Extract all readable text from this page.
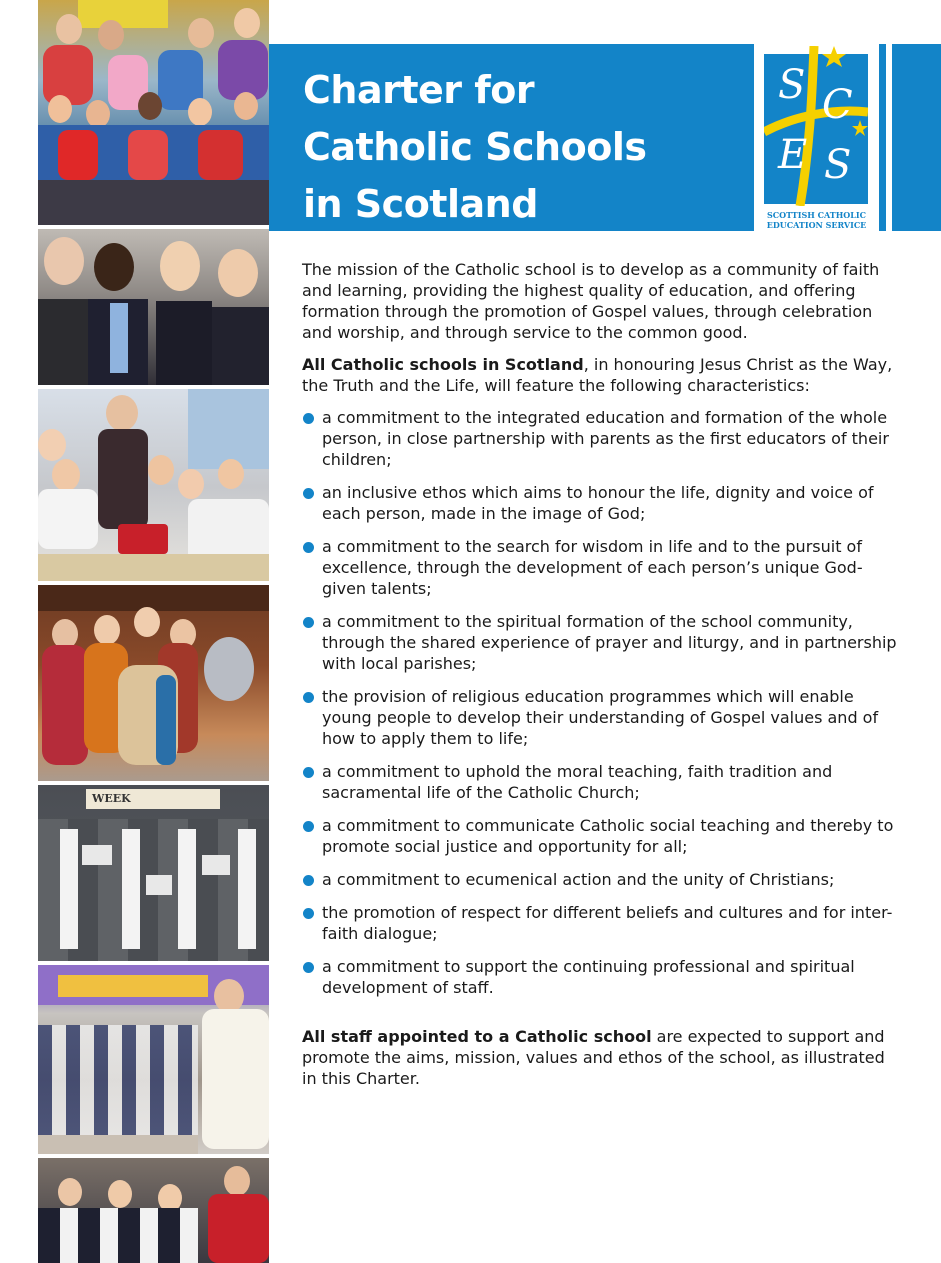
WEEK
Charter for
Catholic Schools
in Scotland
S C
E S
SCOTTISH CATHOLIC
EDUCATION SERVICE

The mission of the Catholic school is to develop as a community of faith and learning, providing the highest quality of education, and offering formation through the promotion of Gospel values, through celebration and worship, and through service to the common good.

All Catholic schools in Scotland, in honouring Jesus Christ as the Way, the Truth and the Life, will feature the following characteristics:

a commitment to the integrated education and formation of the whole person, in close partnership with parents as the first educators of their children;
an inclusive ethos which aims to honour the life, dignity and voice of each person, made in the image of God;
a commitment to the search for wisdom in life and to the pursuit of excellence, through the development of each person’s unique God-given talents;
a commitment to the spiritual formation of the school community, through the shared experience of prayer and liturgy, and in partnership with local parishes;
the provision of religious education programmes which will enable young people to develop their understanding of Gospel values and of how to apply them to life;
a commitment to uphold the moral teaching, faith tradition and sacramental life of the Catholic Church;
a commitment to communicate Catholic social teaching and thereby to promote social justice and opportunity for all;
a commitment to ecumenical action and the unity of Christians;
the promotion of respect for different beliefs and cultures and for inter-faith dialogue;
a commitment to support the continuing professional and spiritual development of staff.

All staff appointed to a Catholic school are expected to support and promote the aims, mission, values and ethos of the school, as illustrated in this Charter.
